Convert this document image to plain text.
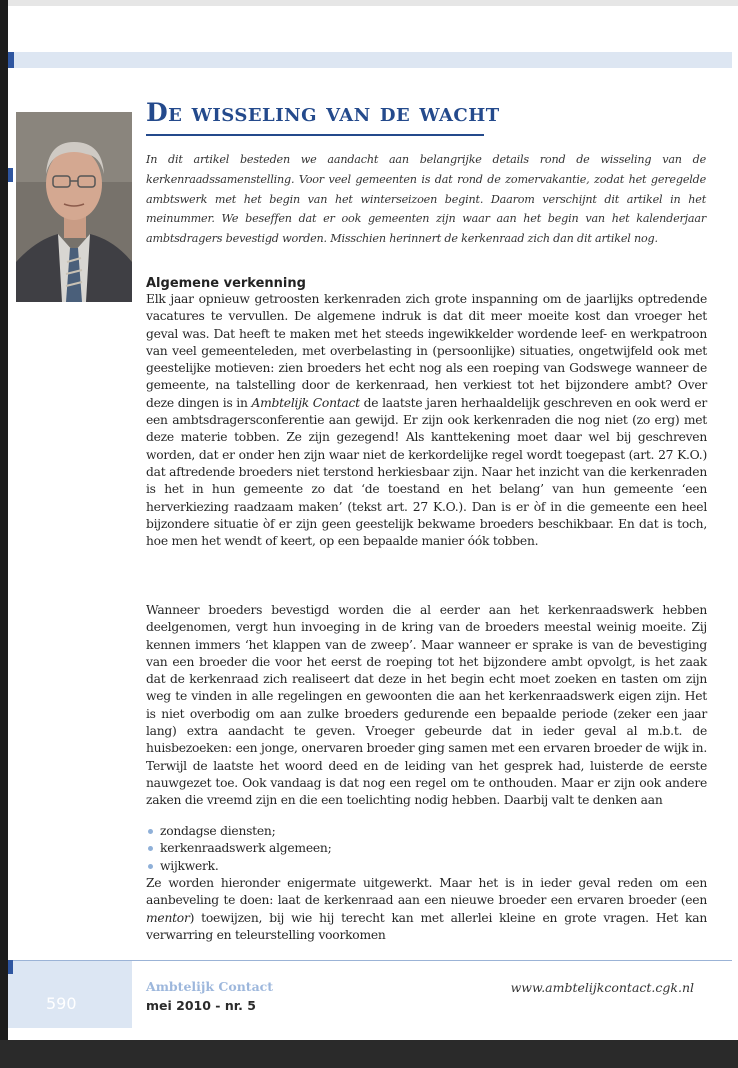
De wisseling van de wacht

In dit artikel besteden we aandacht aan belangrijke details rond de wisseling van de kerkenraadssamenstelling. Voor veel gemeenten is dat rond de zomervakantie, zodat het geregelde ambtswerk met het begin van het winterseizoen begint. Daarom verschijnt dit artikel in het meinummer. We beseffen dat er ook gemeenten zijn waar aan het begin van het kalenderjaar ambtsdragers bevestigd worden. Misschien herinnert de kerkenraad zich dan dit artikel nog.

Algemene verkenning

Elk jaar opnieuw getroosten kerkenraden zich grote inspanning om de jaarlijks optredende vacatures te vervullen. De algemene indruk is dat dit meer moeite kost dan vroeger het geval was. Dat heeft te maken met het steeds ingewikkelder wordende leef- en werkpatroon van veel gemeenteleden, met overbelasting in (persoonlijke) situaties, ongetwijfeld ook met geestelijke motieven: zien broeders het echt nog als een roeping van Godswege wanneer de gemeente, na talstelling door de kerkenraad, hen verkiest tot het bijzondere ambt? Over deze dingen is in Ambtelijk Contact de laatste jaren herhaaldelijk geschreven en ook werd er een ambtsdragersconferentie aan gewijd. Er zijn ook kerkenraden die nog niet (zo erg) met deze materie tobben. Ze zijn gezegend! Als kanttekening moet daar wel bij geschreven worden, dat er onder hen zijn waar niet de kerkordelijke regel wordt toegepast (art. 27 K.O.) dat aftredende broeders niet terstond herkiesbaar zijn. Naar het inzicht van die kerkenraden is het in hun gemeente zo dat ‘de toestand en het belang’ van hun gemeente ‘een herverkiezing raadzaam maken’ (tekst art. 27 K.O.). Dan is er òf in die gemeente een heel bijzondere situatie òf er zijn geen geestelijk bekwame broeders beschikbaar. En dat is toch, hoe men het wendt of keert, op een bepaalde manier óók tobben.

Wanneer broeders bevestigd worden die al eerder aan het kerkenraadswerk hebben deelgenomen, vergt hun invoeging in de kring van de broeders meestal weinig moeite. Zij kennen immers ‘het klappen van de zweep’. Maar wanneer er sprake is van de bevestiging van een broeder die voor het eerst de roeping tot het bijzondere ambt opvolgt, is het zaak dat de kerkenraad zich realiseert dat deze in het begin echt moet zoeken en tasten om zijn weg te vinden in alle regelingen en gewoonten die aan het kerkenraadswerk eigen zijn. Het is niet overbodig om aan zulke broeders gedurende een bepaalde periode (zeker een jaar lang) extra aandacht te geven. Vroeger gebeurde dat in ieder geval al m.b.t. de huisbezoeken: een jonge, onervaren broeder ging samen met een ervaren broeder de wijk in. Terwijl de laatste het woord deed en de leiding van het gesprek had, luisterde de eerste nauwgezet toe. Ook vandaag is dat nog een regel om te onthouden. Maar er zijn ook andere zaken die vreemd zijn en die een toelichting nodig hebben. Daarbij valt te denken aan

zondagse diensten;
kerkenraadswerk algemeen;
wijkwerk.

Ze worden hieronder enigermate uitgewerkt. Maar het is in ieder geval reden om een aanbeveling te doen: laat de kerkenraad aan een nieuwe broeder een ervaren broeder (een mentor) toewijzen, bij wie hij terecht kan met allerlei kleine en grote vragen. Het kan verwarring en teleurstelling voorkomen

590

Ambtelijk Contact

mei 2010 - nr. 5

www.ambtelijkcontact.cgk.nl
